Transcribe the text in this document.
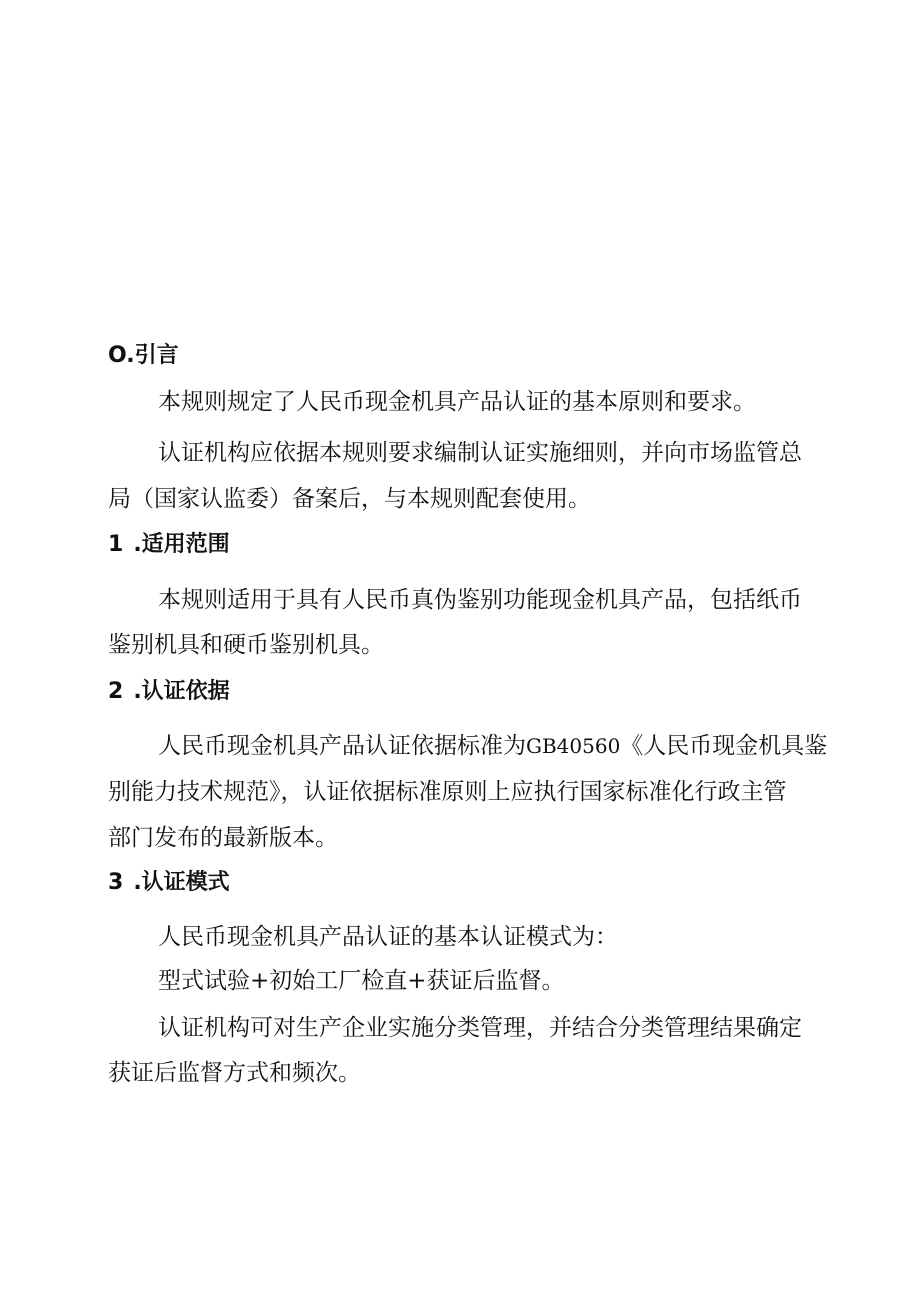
O.引言
本规则规定了人民币现金机具产品认证的基本原则和要求。
认证机构应依据本规则要求编制认证实施细则，并向市场监管总
局（国家认监委）备案后，与本规则配套使用。
1 .适用范围
本规则适用于具有人民币真伪鉴别功能现金机具产品，包括纸币
鉴别机具和硬币鉴别机具。
2 .认证依据
人民币现金机具产品认证依据标准为GB40560《人民币现金机具鉴
别能力技术规范》，认证依据标准原则上应执行国家标准化行政主管
部门发布的最新版本。
3 .认证模式
人民币现金机具产品认证的基本认证模式为：
型式试验+初始工厂检直+获证后监督。
认证机构可对生产企业实施分类管理，并结合分类管理结果确定
获证后监督方式和频次。
